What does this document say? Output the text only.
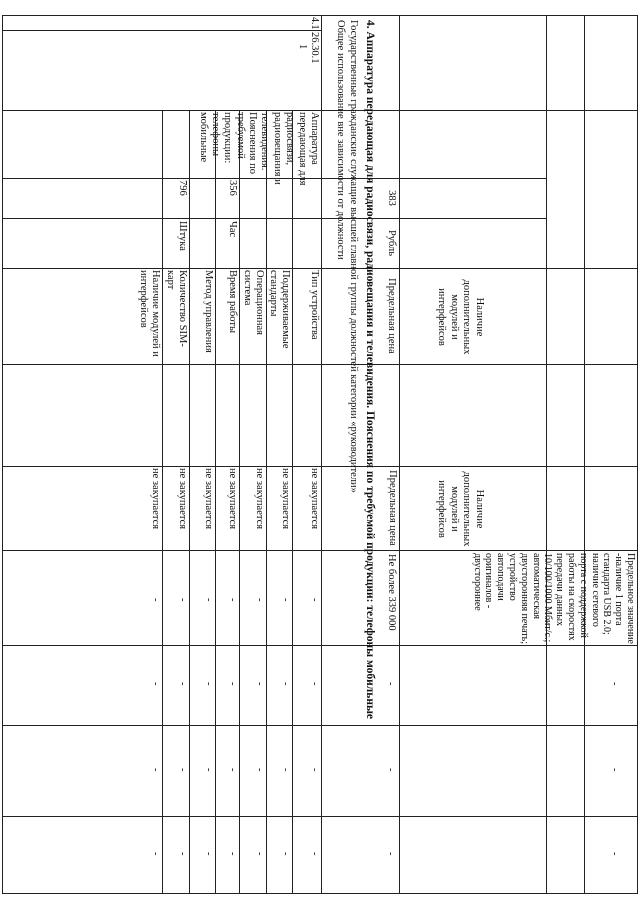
Наличие дополнительных модулей и интерфейсов
Наличие дополнительных модулей и интерфейсов
Предельное значение -наличие 1 порта стандарта USB 2.0; наличие сетевого порта с поддержкой работы на скоростях передачи данных 10/100/1000 Мбит/с.; автоматическая двусторонняя печать; устройство автоподачи оригиналов - двустороннее
-
-
-
383
Рубль
Предельная цена
Предельная цена
Не более 339 000
-
-
-
4. Аппаратура передающая для радиосвязи, радиовещания и телевидения. Пояснения по требуемой продукции: телефоны мобильные
Государственные гражданские служащие высшей главной группы должностей категории «руководители»
Общее использование вне зависимости от должности
4.1
26.30.1
1
Аппаратура передающая для радиосвязи, радиовещания и телевидения. Пояснения по требуемой продукции: телефоны мобильные
Тип устройства
не закупается
-
-
-
-
Поддерживаемые стандарты
не закупается
-
-
-
-
Операционная система
не закупается
-
-
-
-
356
Час
Время работы
не закупается
-
-
-
-
Метод управления
не закупается
-
-
-
-
796
Штука
Количество SIM-карт
не закупается
-
-
-
-
Наличие модулей и интерфейсов
не закупается
-
-
-
-
